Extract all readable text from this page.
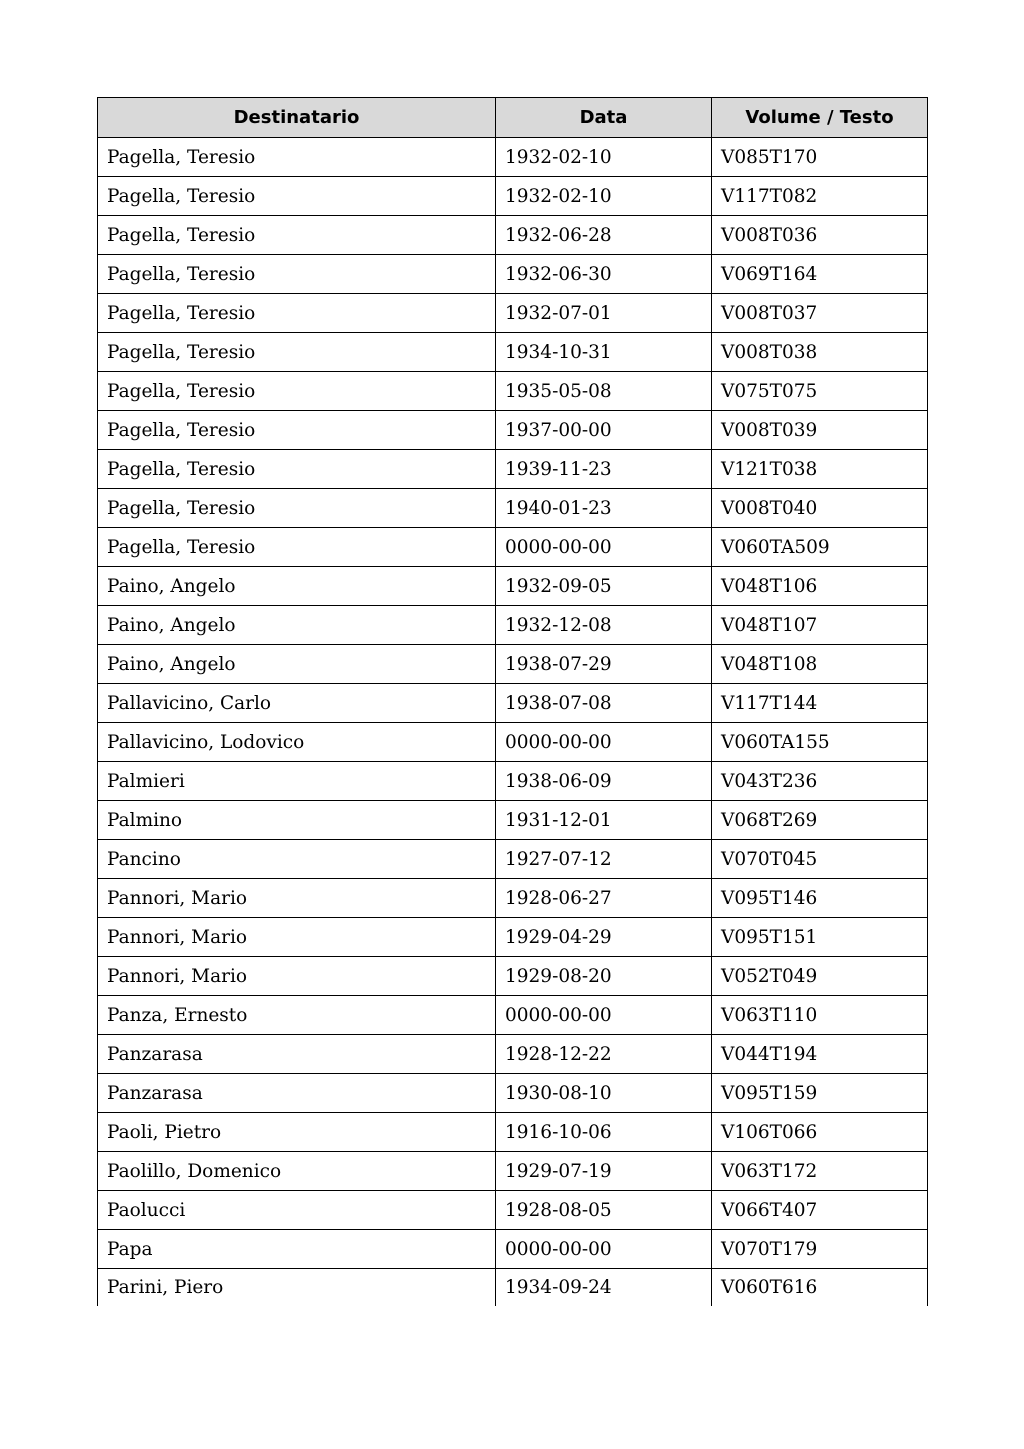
Destinatario	Data	Volume / Testo
Pagella, Teresio	1932-02-10	V085T170
Pagella, Teresio	1932-02-10	V117T082
Pagella, Teresio	1932-06-28	V008T036
Pagella, Teresio	1932-06-30	V069T164
Pagella, Teresio	1932-07-01	V008T037
Pagella, Teresio	1934-10-31	V008T038
Pagella, Teresio	1935-05-08	V075T075
Pagella, Teresio	1937-00-00	V008T039
Pagella, Teresio	1939-11-23	V121T038
Pagella, Teresio	1940-01-23	V008T040
Pagella, Teresio	0000-00-00	V060TA509
Paino, Angelo	1932-09-05	V048T106
Paino, Angelo	1932-12-08	V048T107
Paino, Angelo	1938-07-29	V048T108
Pallavicino, Carlo	1938-07-08	V117T144
Pallavicino, Lodovico	0000-00-00	V060TA155
Palmieri	1938-06-09	V043T236
Palmino	1931-12-01	V068T269
Pancino	1927-07-12	V070T045
Pannori, Mario	1928-06-27	V095T146
Pannori, Mario	1929-04-29	V095T151
Pannori, Mario	1929-08-20	V052T049
Panza, Ernesto	0000-00-00	V063T110
Panzarasa	1928-12-22	V044T194
Panzarasa	1930-08-10	V095T159
Paoli, Pietro	1916-10-06	V106T066
Paolillo, Domenico	1929-07-19	V063T172
Paolucci	1928-08-05	V066T407
Papa	0000-00-00	V070T179
Parini, Piero	1934-09-24	V060T616
